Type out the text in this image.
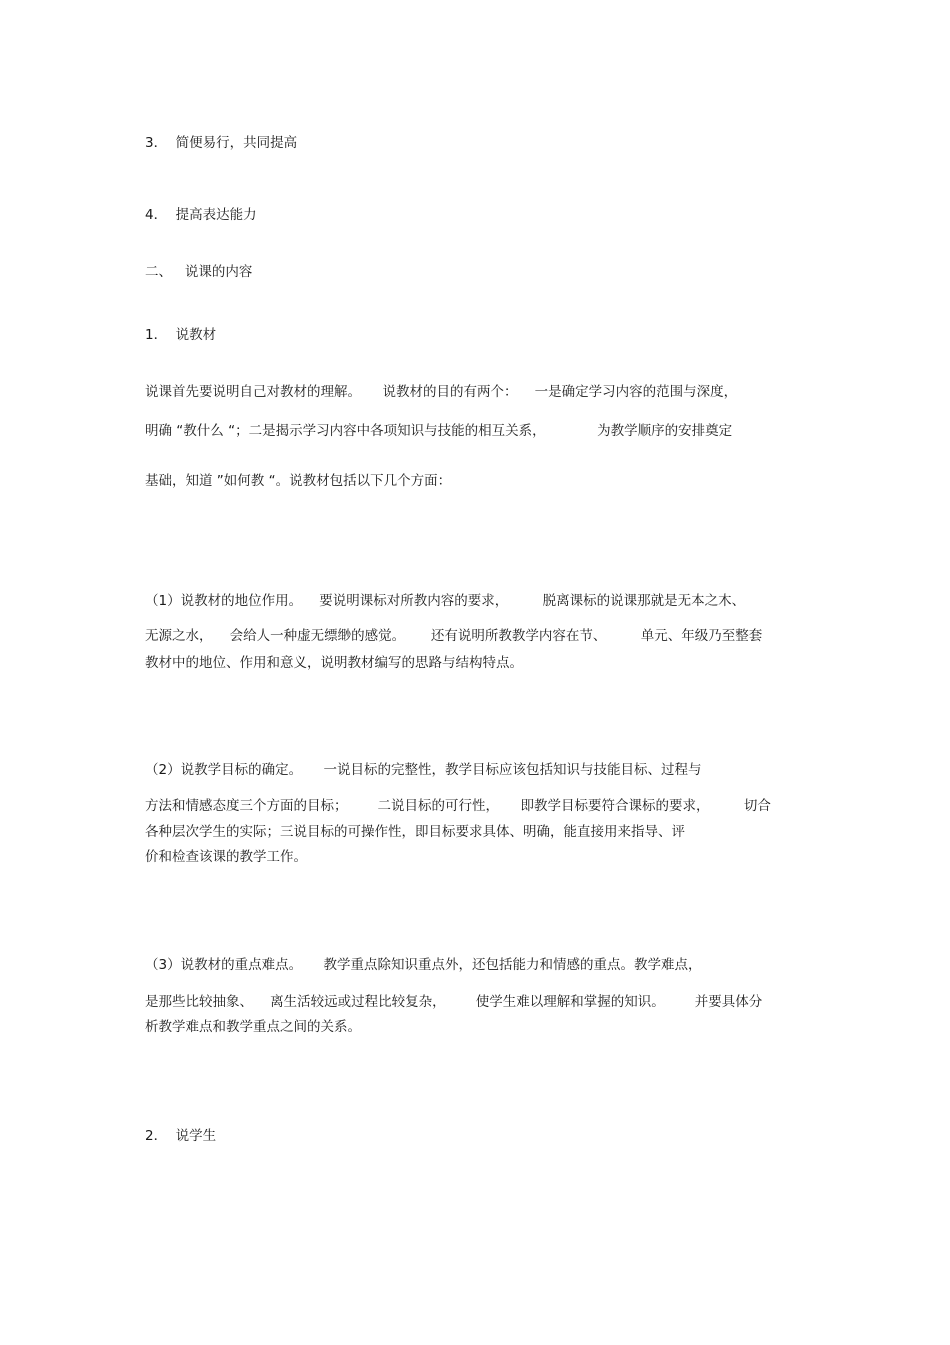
3．  简便易行，共同提高
4．  提高表达能力
二、   说课的内容
1．  说教材
说课首先要说明自己对教材的理解。     说教材的目的有两个：    一是确定学习内容的范围与深度，
明确 “教什么 “；二是揭示学习内容中各项知识与技能的相互关系，            为教学顺序的安排奠定
基础，知道 ”如何教 “。说教材包括以下几个方面：
（1）说教材的地位作用。    要说明课标对所教内容的要求，        脱离课标的说课那就是无本之木、
无源之水，    会给人一种虚无缥缈的感觉。      还有说明所教教学内容在节、        单元、年级乃至整套
教材中的地位、作用和意义，说明教材编写的思路与结构特点。
（2）说教学目标的确定。     一说目标的完整性，教学目标应该包括知识与技能目标、过程与
方法和情感态度三个方面的目标；       二说目标的可行性，     即教学目标要符合课标的要求，        切合
各种层次学生的实际；三说目标的可操作性，即目标要求具体、明确，能直接用来指导、评
价和检查该课的教学工作。
（3）说教材的重点难点。     教学重点除知识重点外，还包括能力和情感的重点。教学难点，
是那些比较抽象、    离生活较远或过程比较复杂，       使学生难以理解和掌握的知识。       并要具体分
析教学难点和教学重点之间的关系。
2．  说学生
